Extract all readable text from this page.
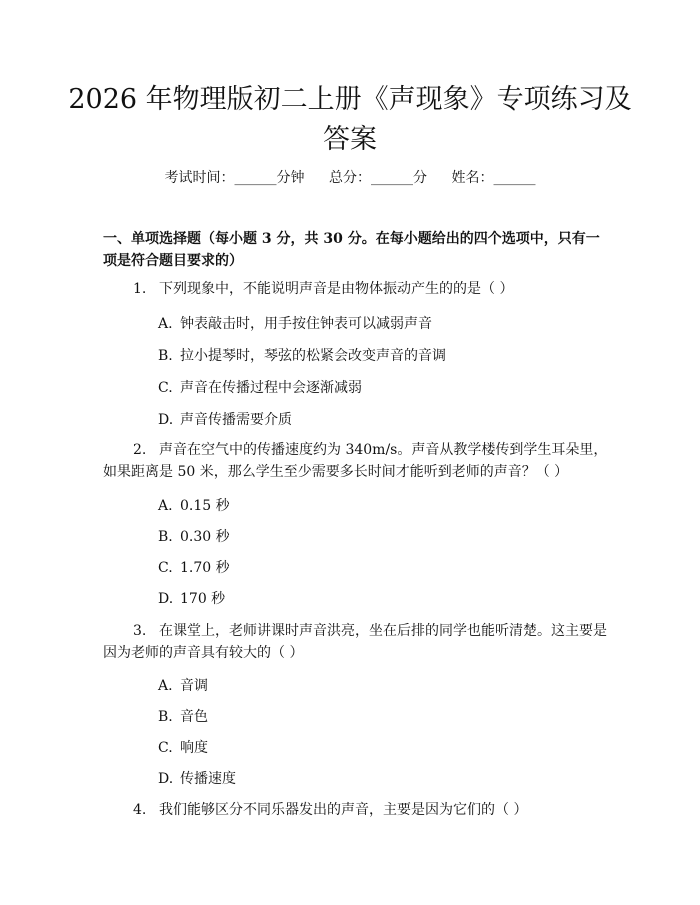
2026 年物理版初二上册《声现象》专项练习及答案
考试时间：______分钟 总分：______分 姓名：______

一、单项选择题（每小题 3 分，共 30 分。在每小题给出的四个选项中，只有一项是符合题目要求的）

1. 下列现象中，不能说明声音是由物体振动产生的的是（ ）

A. 钟表敲击时，用手按住钟表可以减弱声音

B. 拉小提琴时，琴弦的松紧会改变声音的音调

C. 声音在传播过程中会逐渐减弱

D. 声音传播需要介质

2. 声音在空气中的传播速度约为 340m/s。声音从教学楼传到学生耳朵里，如果距离是 50 米，那么学生至少需要多长时间才能听到老师的声音？（ ）

A. 0.15 秒

B. 0.30 秒

C. 1.70 秒

D. 170 秒

3. 在课堂上，老师讲课时声音洪亮，坐在后排的同学也能听清楚。这主要是因为老师的声音具有较大的（ ）

A. 音调

B. 音色

C. 响度

D. 传播速度

4. 我们能够区分不同乐器发出的声音，主要是因为它们的（ ）
